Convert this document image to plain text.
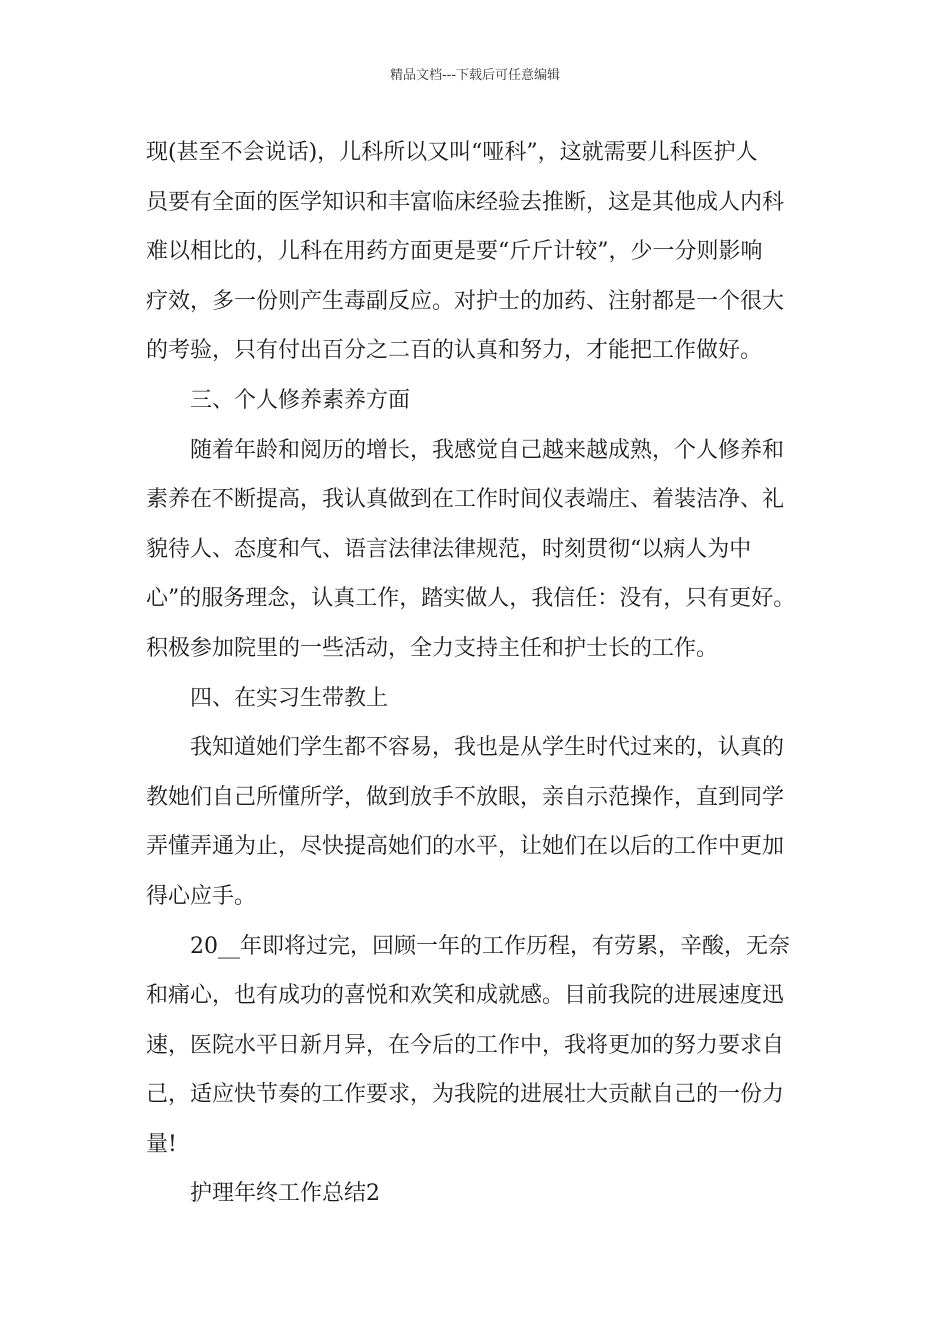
精品文档---下载后可任意编辑
现(甚至不会说话)，儿科所以又叫“哑科”，这就需要儿科医护人
员要有全面的医学知识和丰富临床经验去推断，这是其他成人内科
难以相比的，儿科在用药方面更是要“斤斤计较”，少一分则影响
疗效，多一份则产生毒副反应。对护士的加药、注射都是一个很大
的考验，只有付出百分之二百的认真和努力，才能把工作做好。
三、个人修养素养方面
随着年龄和阅历的增长，我感觉自己越来越成熟，个人修养和
素养在不断提高，我认真做到在工作时间仪表端庄、着装洁净、礼
貌待人、态度和气、语言法律法律规范，时刻贯彻“以病人为中
心”的服务理念，认真工作，踏实做人，我信任：没有，只有更好。
积极参加院里的一些活动，全力支持主任和护士长的工作。
四、在实习生带教上
我知道她们学生都不容易，我也是从学生时代过来的，认真的
教她们自己所懂所学，做到放手不放眼，亲自示范操作，直到同学
弄懂弄通为止，尽快提高她们的水平，让她们在以后的工作中更加
得心应手。
20__年即将过完，回顾一年的工作历程，有劳累，辛酸，无奈
和痛心，也有成功的喜悦和欢笑和成就感。目前我院的进展速度迅
速，医院水平日新月异，在今后的工作中，我将更加的努力要求自
己，适应快节奏的工作要求，为我院的进展壮大贡献自己的一份力
量!
护理年终工作总结2
